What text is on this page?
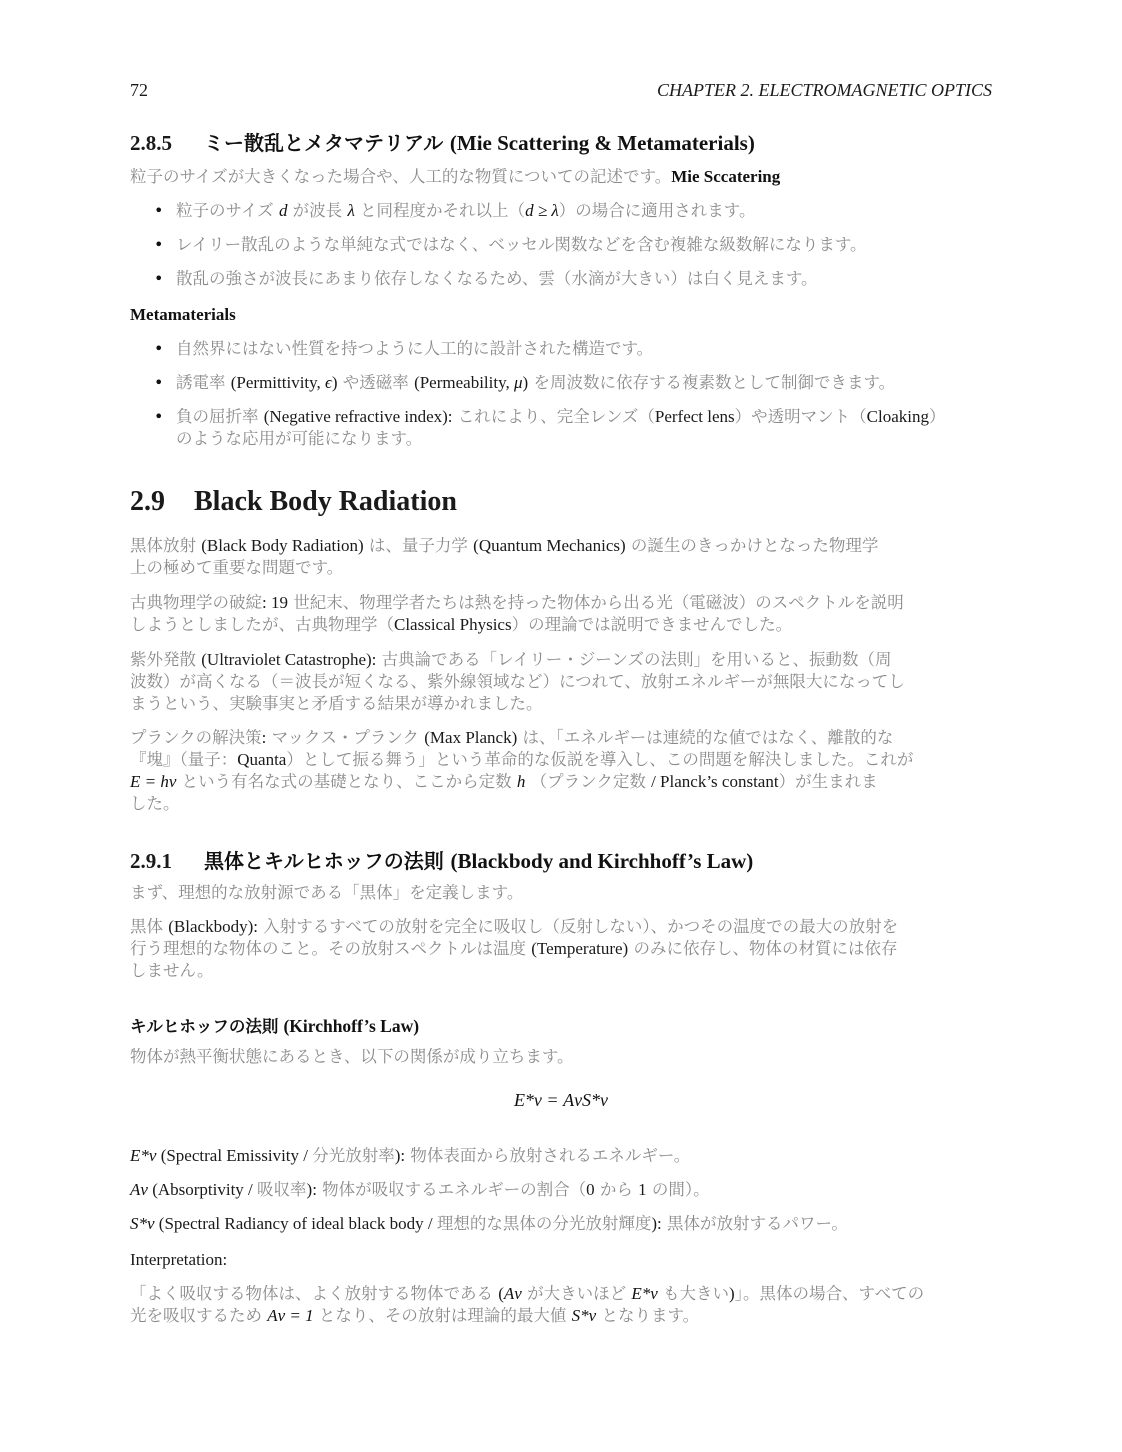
72	CHAPTER 2. ELECTROMAGNETIC OPTICS
2.8.5 ミー散乱とメタマテリアル (Mie Scattering & Metamaterials)
粒子のサイズが大きくなった場合や、人工的な物質についての記述です。Mie Sccatering
• 粒子のサイズ d が波長 λ と同程度かそれ以上（d ≥ λ）の場合に適用されます。
• レイリー散乱のような単純な式ではなく、ベッセル関数などを含む複雑な級数解になります。
• 散乱の強さが波長にあまり依存しなくなるため、雲（水滴が大きい）は白く見えます。
Metamaterials
• 自然界にはない性質を持つように人工的に設計された構造です。
• 誘電率 (Permittivity, ϵ) や透磁率 (Permeability, μ) を周波数に依存する複素数として制御できます。
• 負の屈折率 (Negative refractive index): これにより、完全レンズ（Perfect lens）や透明マント（Cloaking）
のような応用が可能になります。
2.9 Black Body Radiation
黒体放射 (Black Body Radiation) は、量子力学 (Quantum Mechanics) の誕生のきっかけとなった物理学
上の極めて重要な問題です。
古典物理学の破綻: 19 世紀末、物理学者たちは熱を持った物体から出る光（電磁波）のスペクトルを説明
しようとしましたが、古典物理学（Classical Physics）の理論では説明できませんでした。
紫外発散 (Ultraviolet Catastrophe): 古典論である「レイリー・ジーンズの法則」を用いると、振動数（周
波数）が高くなる（＝波長が短くなる、紫外線領域など）につれて、放射エネルギーが無限大になってし
まうという、実験事実と矛盾する結果が導かれました。
プランクの解決策: マックス・プランク (Max Planck) は、「エネルギーは連続的な値ではなく、離散的な
『塊』（量子：Quanta）として振る舞う」という革命的な仮説を導入し、この問題を解決しました。これが
E = hν という有名な式の基礎となり、ここから定数 h （プランク定数 / Planck’s constant）が生まれま
した。
2.9.1 黒体とキルヒホッフの法則 (Blackbody and Kirchhoff’s Law)
まず、理想的な放射源である「黒体」を定義します。
黒体 (Blackbody): 入射するすべての放射を完全に吸収し（反射しない）、かつその温度での最大の放射を
行う理想的な物体のこと。その放射スペクトルは温度 (Temperature) のみに依存し、物体の材質には依存
しません。
キルヒホッフの法則 (Kirchhoff’s Law)
物体が熱平衡状態にあるとき、以下の関係が成り立ちます。
E*ν = AνS*ν
E*ν (Spectral Emissivity / 分光放射率): 物体表面から放射されるエネルギー。
Aν (Absorptivity / 吸収率): 物体が吸収するエネルギーの割合（0 から 1 の間）。
S*ν (Spectral Radiancy of ideal black body / 理想的な黒体の分光放射輝度): 黒体が放射するパワー。
Interpretation:
「よく吸収する物体は、よく放射する物体である (Aν が大きいほど E*ν も大きい)」。黒体の場合、すべての
光を吸収するため Aν = 1 となり、その放射は理論的最大値 S*ν となります。
